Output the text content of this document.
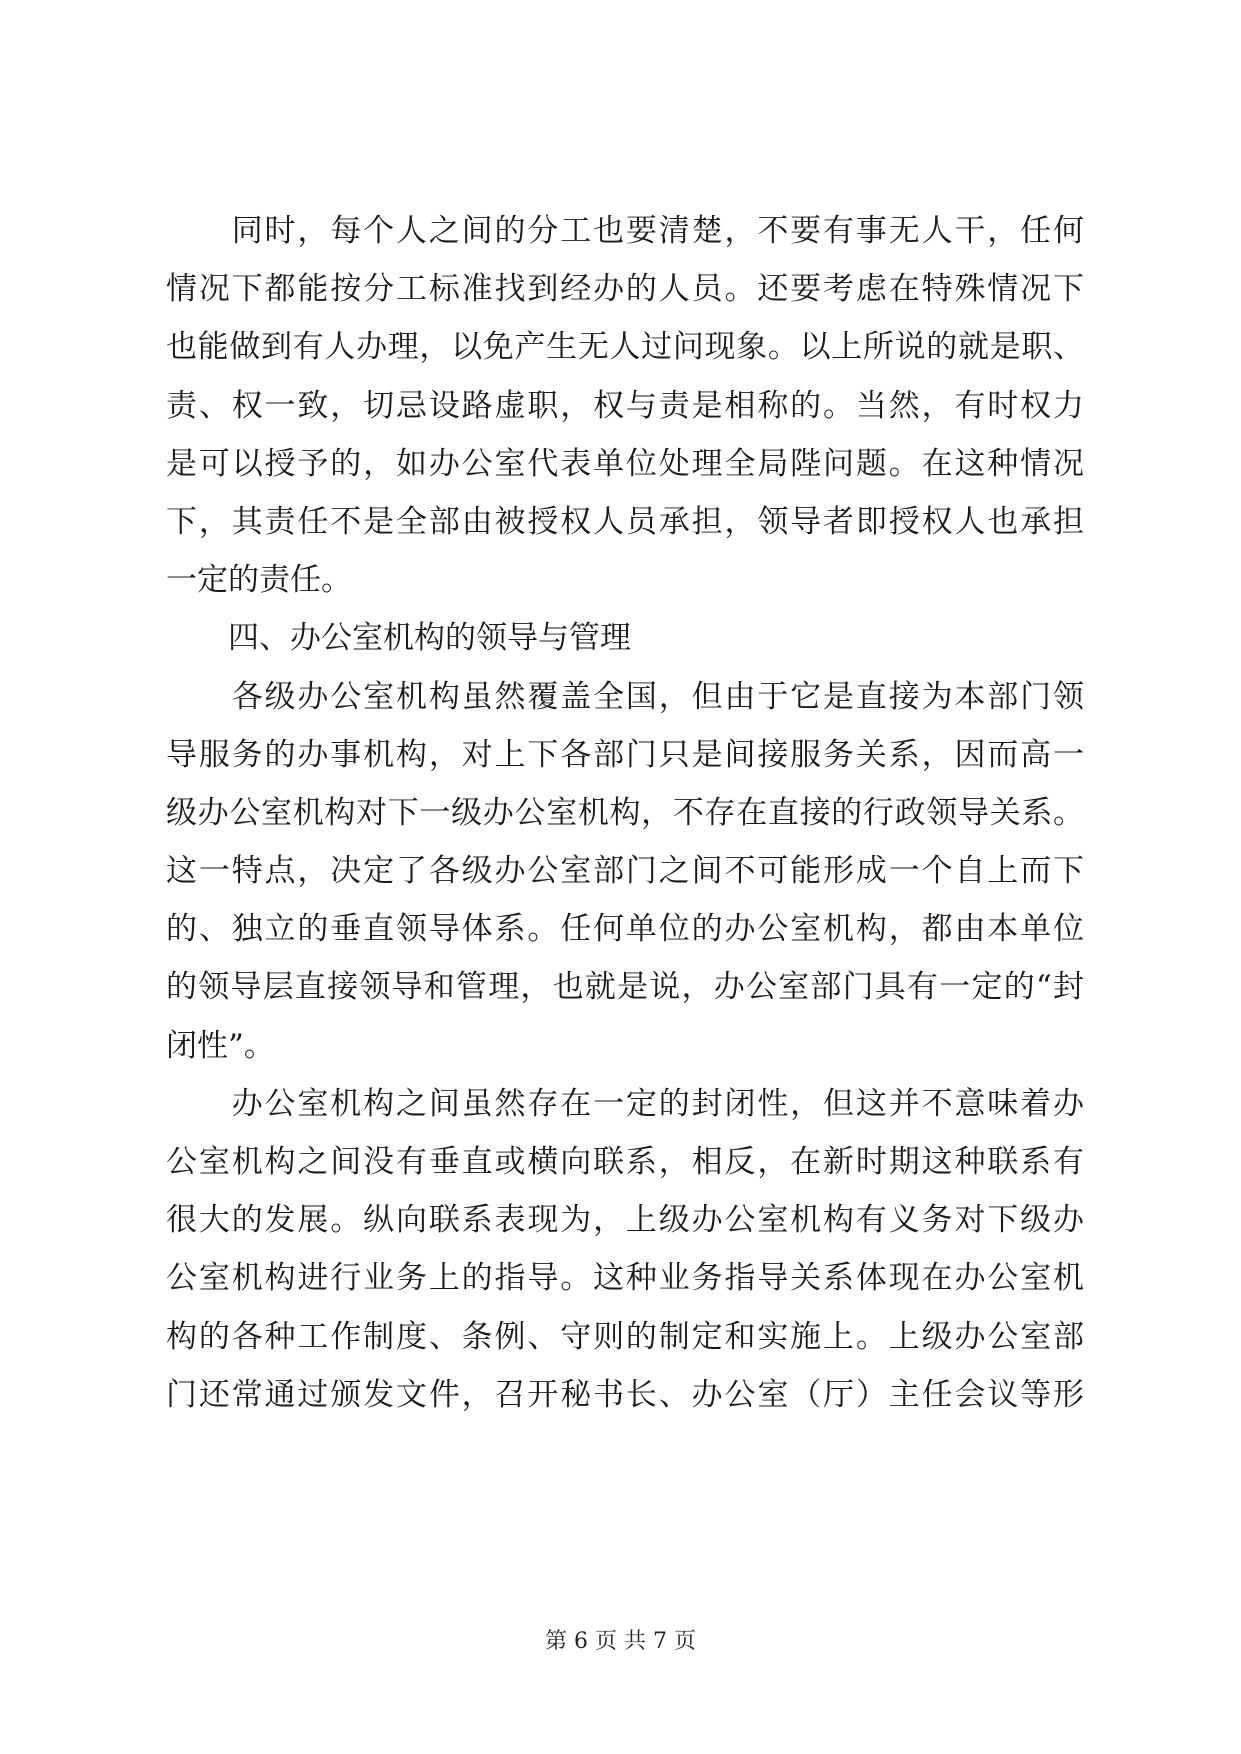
　　同时，每个人之间的分工也要清楚，不要有事无人干，任何
情况下都能按分工标准找到经办的人员。还要考虑在特殊情况下
也能做到有人办理，以免产生无人过问现象。以上所说的就是职、
责、权一致，切忌设路虚职，权与责是相称的。当然，有时权力
是可以授予的，如办公室代表单位处理全局陛问题。在这种情况
下，其责任不是全部由被授权人员承担，领导者即授权人也承担
一定的责任。
　　四、办公室机构的领导与管理
　　各级办公室机构虽然覆盖全国，但由于它是直接为本部门领
导服务的办事机构，对上下各部门只是间接服务关系，因而高一
级办公室机构对下一级办公室机构，不存在直接的行政领导关系。
这一特点，决定了各级办公室部门之间不可能形成一个自上而下
的、独立的垂直领导体系。任何单位的办公室机构，都由本单位
的领导层直接领导和管理，也就是说，办公室部门具有一定的“封
闭性”。
　　办公室机构之间虽然存在一定的封闭性，但这并不意味着办
公室机构之间没有垂直或横向联系，相反，在新时期这种联系有
很大的发展。纵向联系表现为，上级办公室机构有义务对下级办
公室机构进行业务上的指导。这种业务指导关系体现在办公室机
构的各种工作制度、条例、守则的制定和实施上。上级办公室部
门还常通过颁发文件，召开秘书长、办公室（厅）主任会议等形
第 6 页 共 7 页
